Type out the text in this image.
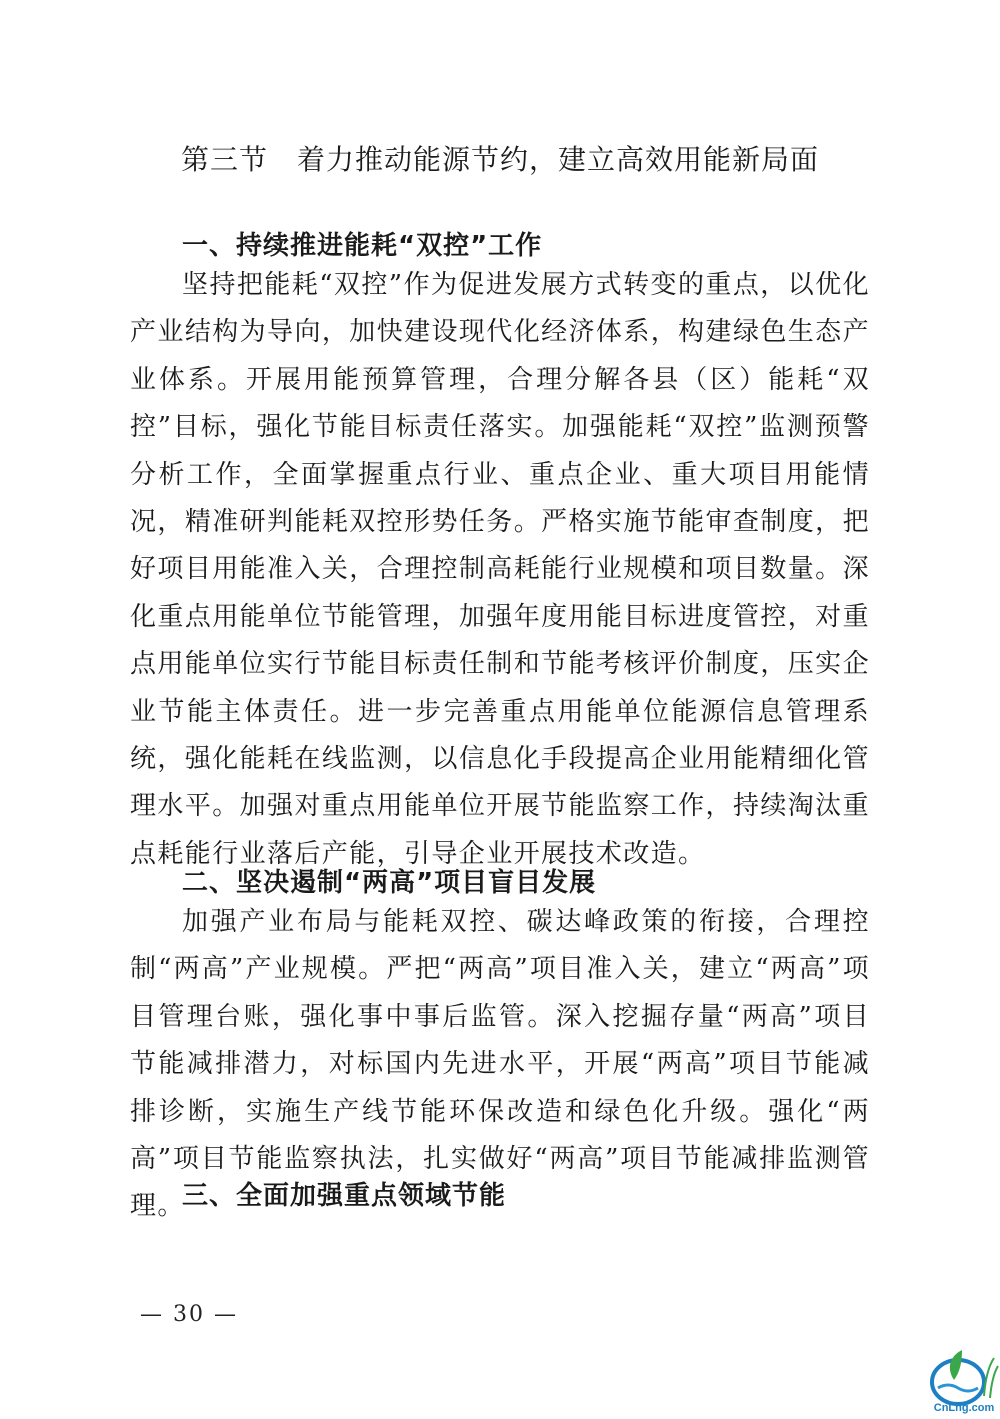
第三节　着力推动能源节约，建立高效用能新局面
一、持续推进能耗“双控”工作

坚持把能耗“双控”作为促进发展方式转变的重点，以优化产业结构为导向，加快建设现代化经济体系，构建绿色生态产业体系。开展用能预算管理，合理分解各县（区）能耗“双控”目标，强化节能目标责任落实。加强能耗“双控”监测预警分析工作，全面掌握重点行业、重点企业、重大项目用能情况，精准研判能耗双控形势任务。严格实施节能审查制度，把好项目用能准入关，合理控制高耗能行业规模和项目数量。深化重点用能单位节能管理，加强年度用能目标进度管控，对重点用能单位实行节能目标责任制和节能考核评价制度，压实企业节能主体责任。进一步完善重点用能单位能源信息管理系统，强化能耗在线监测，以信息化手段提高企业用能精细化管理水平。加强对重点用能单位开展节能监察工作，持续淘汰重点耗能行业落后产能，引导企业开展技术改造。

二、坚决遏制“两高”项目盲目发展

加强产业布局与能耗双控、碳达峰政策的衔接，合理控制“两高”产业规模。严把“两高”项目准入关，建立“两高”项目管理台账，强化事中事后监管。深入挖掘存量“两高”项目节能减排潜力，对标国内先进水平，开展“两高”项目节能减排诊断，实施生产线节能环保改造和绿色化升级。强化“两高”项目节能监察执法，扎实做好“两高”项目节能减排监测管理。

三、全面加强重点领域节能
— 30 —
CnLng.com
